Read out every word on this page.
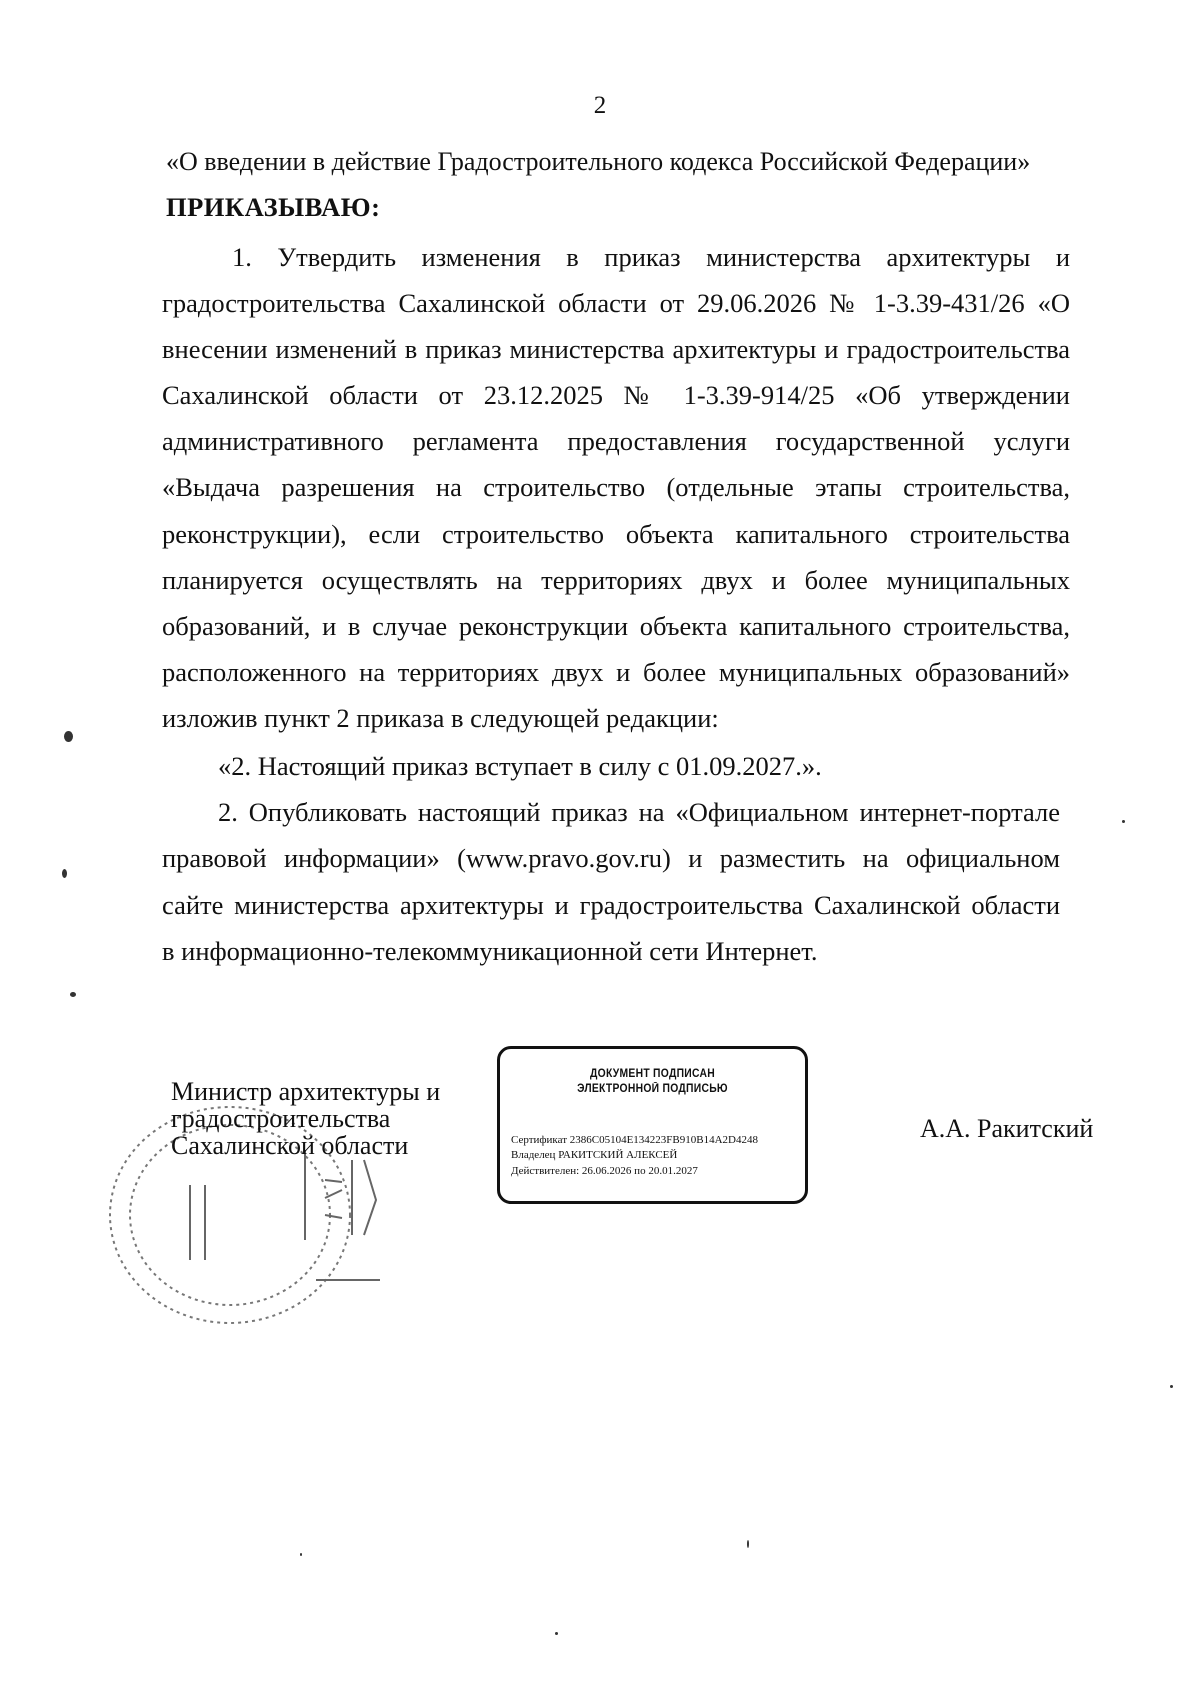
2
«О введении в действие Градостроительного кодекса Российской Федерации»
ПРИКАЗЫВАЮ:
1. Утвердить изменения в приказ министерства архитектуры и
градостроительства Сахалинской области от 29.06.2026 № 1-3.39-431/26 «О
внесении изменений в приказ министерства архитектуры и градостроительства
Сахалинской области от 23.12.2025 № 1-3.39-914/25 «Об утверждении
административного регламента предоставления государственной услуги
«Выдача разрешения на строительство (отдельные этапы строительства,
реконструкции), если строительство объекта капитального строительства
планируется осуществлять на территориях двух и более муниципальных
образований, и в случае реконструкции объекта капитального строительства,
расположенного на территориях двух и более муниципальных образований»
изложив пункт 2 приказа в следующей редакции:
«2. Настоящий приказ вступает в силу с 01.09.2027.».
2. Опубликовать настоящий приказ на «Официальном интернет-портале
правовой информации» (www.pravo.gov.ru) и разместить на официальном
сайте министерства архитектуры и градостроительства Сахалинской области
в информационно-телекоммуникационной сети Интернет.
Министр архитектуры и
градостроительства
Сахалинской области
ДОКУМЕНТ ПОДПИСАН
ЭЛЕКТРОННОЙ ПОДПИСЬЮ
Сертификат 2386C05104E134223FB910B14A2D4248
Владелец РАКИТСКИЙ АЛЕКСЕЙ
Действителен: 26.06.2026 по 20.01.2027
А.А. Ракитский
